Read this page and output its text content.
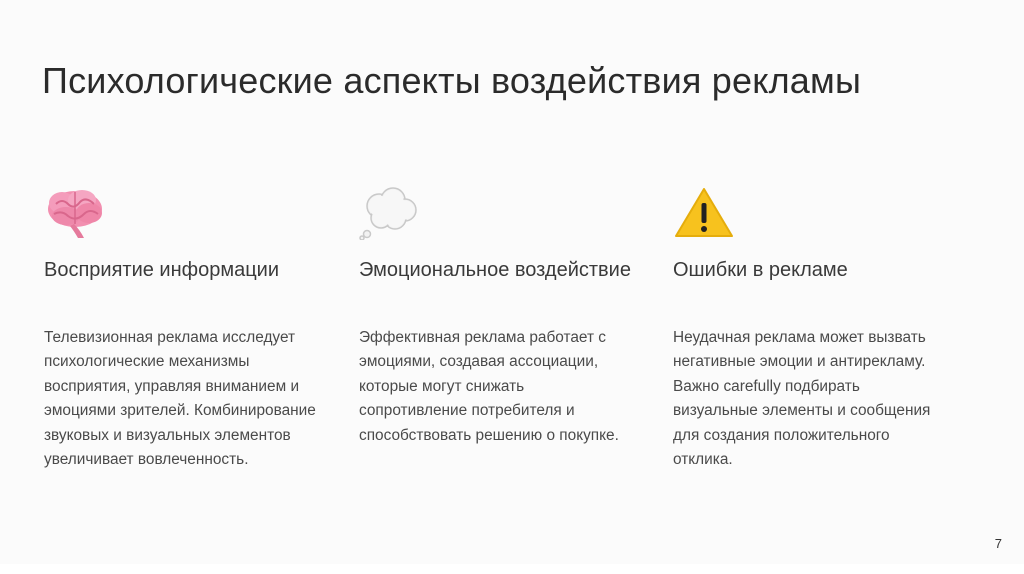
Психологические аспекты воздействия рекламы
Восприятие информации
Телевизионная реклама исследует психологические механизмы восприятия, управляя вниманием и эмоциями зрителей. Комбинирование звуковых и визуальных элементов увеличивает вовлеченность.
Эмоциональное воздействие
Эффективная реклама работает с эмоциями, создавая ассоциации, которые могут снижать сопротивление потребителя и способствовать решению о покупке.
Ошибки в рекламе
Неудачная реклама может вызвать негативные эмоции и антирекламу. Важно carefully подбирать визуальные элементы и сообщения для создания положительного отклика.
7
